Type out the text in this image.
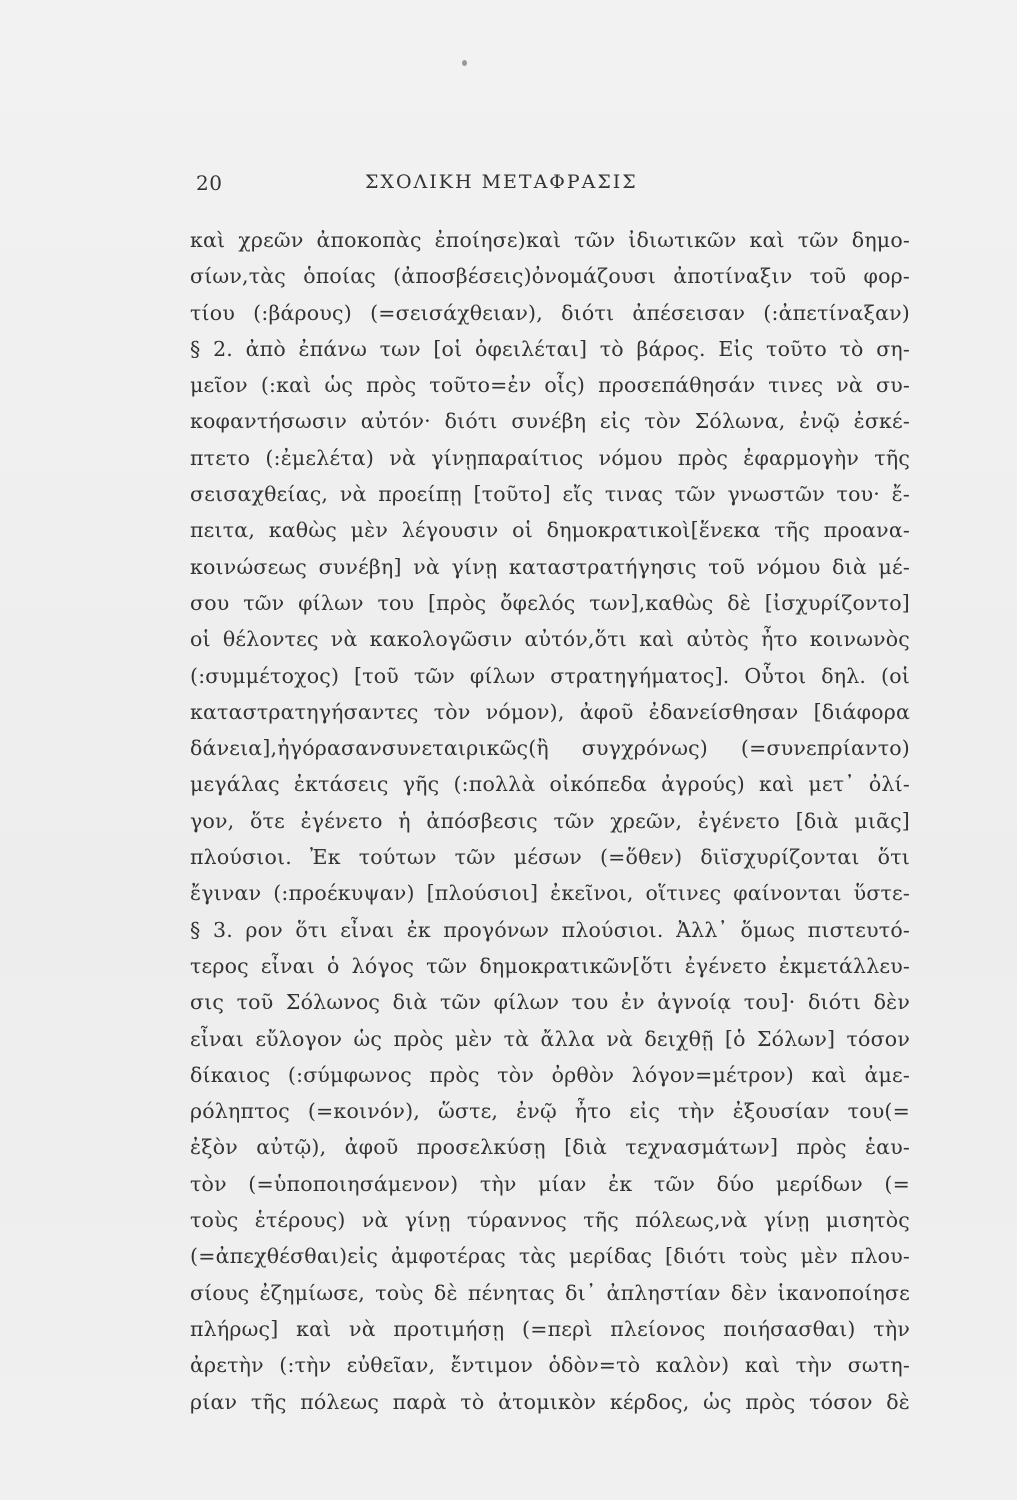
20	ΣΧΟΛΙΚΗ ΜΕΤΑΦΡΑΣΙΣ
καὶ χρεῶν ἀποκοπὰς ἐποίησε)καὶ τῶν ἰδιωτικῶν καὶ τῶν δημο-
σίων,τὰς ὁποίας (ἀποσβέσεις)ὀνομάζουσι ἀποτίναξιν τοῦ φορ-
τίου (:βάρους) (=σεισάχθειαν), διότι ἀπέσεισαν (:ἀπετίναξαν)
§ 2. ἀπὸ ἐπάνω των [οἱ ὀφειλέται] τὸ βάρος. Εἰς τοῦτο τὸ ση-
μεῖον (:καὶ ὡς πρὸς τοῦτο=ἐν οἷς) προσεπάθησάν τινες νὰ συ-
κοφαντήσωσιν αὐτόν· διότι συνέβη εἰς τὸν Σόλωνα, ἐνῷ ἐσκέ-
πτετο (:ἐμελέτα) νὰ γίνῃπαραίτιος νόμου πρὸς ἐφαρμογὴν τῆς
σεισαχθείας, νὰ προείπῃ [τοῦτο] εἴς τινας τῶν γνωστῶν του· ἔ-
πειτα, καθὼς μὲν λέγουσιν οἱ δημοκρατικοὶ[ἕνεκα τῆς προανα-
κοινώσεως συνέβη] νὰ γίνῃ καταστρατήγησις τοῦ νόμου διὰ μέ-
σου τῶν φίλων του [πρὸς ὄφελός των],καθὼς δὲ [ἰσχυρίζοντο]
οἱ θέλοντες νὰ κακολογῶσιν αὐτόν,ὅτι καὶ αὐτὸς ἦτο κοινωνὸς
(:συμμέτοχος) [τοῦ τῶν φίλων στρατηγήματος]. Οὗτοι δηλ. (οἱ
καταστρατηγήσαντες τὸν νόμον), ἀφοῦ ἐδανείσθησαν [διάφορα
δάνεια],ἠγόρασανσυνεταιρικῶς(ἢ συγχρόνως) (=συνεπρίαντο)
μεγάλας ἐκτάσεις γῆς (:πολλὰ οἰκόπεδα ἀγρούς) καὶ μετ᾽ ὀλί-
γον, ὅτε ἐγένετο ἡ ἀπόσβεσις τῶν χρεῶν, ἐγένετο [διὰ μιᾶς]
πλούσιοι. Ἐκ τούτων τῶν μέσων (=ὅθεν) διϊσχυρίζονται ὅτι
ἔγιναν (:προέκυψαν) [πλούσιοι] ἐκεῖνοι, οἵτινες φαίνονται ὕστε-
§ 3. ρον ὅτι εἶναι ἐκ προγόνων πλούσιοι. Ἀλλ᾽ ὅμως πιστευτό-
τερος εἶναι ὁ λόγος τῶν δημοκρατικῶν[ὅτι ἐγένετο ἐκμετάλλευ-
σις τοῦ Σόλωνος διὰ τῶν φίλων του ἐν ἀγνοίᾳ του]· διότι δὲν
εἶναι εὔλογον ὡς πρὸς μὲν τὰ ἄλλα νὰ δειχθῇ [ὁ Σόλων] τόσον
δίκαιος (:σύμφωνος πρὸς τὸν ὀρθὸν λόγον=μέτρον) καὶ ἀμε-
ρόληπτος (=κοινόν), ὥστε, ἐνῷ ἦτο εἰς τὴν ἐξουσίαν του(=
ἐξὸν αὐτῷ), ἀφοῦ προσελκύσῃ [διὰ τεχνασμάτων] πρὸς ἑαυ-
τὸν (=ὑποποιησάμενον) τὴν μίαν ἐκ τῶν δύο μερίδων (=
τοὺς ἑτέρους) νὰ γίνῃ τύραννος τῆς πόλεως,νὰ γίνῃ μισητὸς
(=ἀπεχθέσθαι)εἰς ἀμφοτέρας τὰς μερίδας [διότι τοὺς μὲν πλου-
σίους ἐζημίωσε, τοὺς δὲ πένητας δι᾽ ἀπληστίαν δὲν ἱκανοποίησε
πλήρως] καὶ νὰ προτιμήσῃ (=περὶ πλείονος ποιήσασθαι) τὴν
ἀρετὴν (:τὴν εὐθεῖαν, ἔντιμον ὁδὸν=τὸ καλὸν) καὶ τὴν σωτη-
ρίαν τῆς πόλεως παρὰ τὸ ἀτομικὸν κέρδος, ὡς πρὸς τόσον δὲ
